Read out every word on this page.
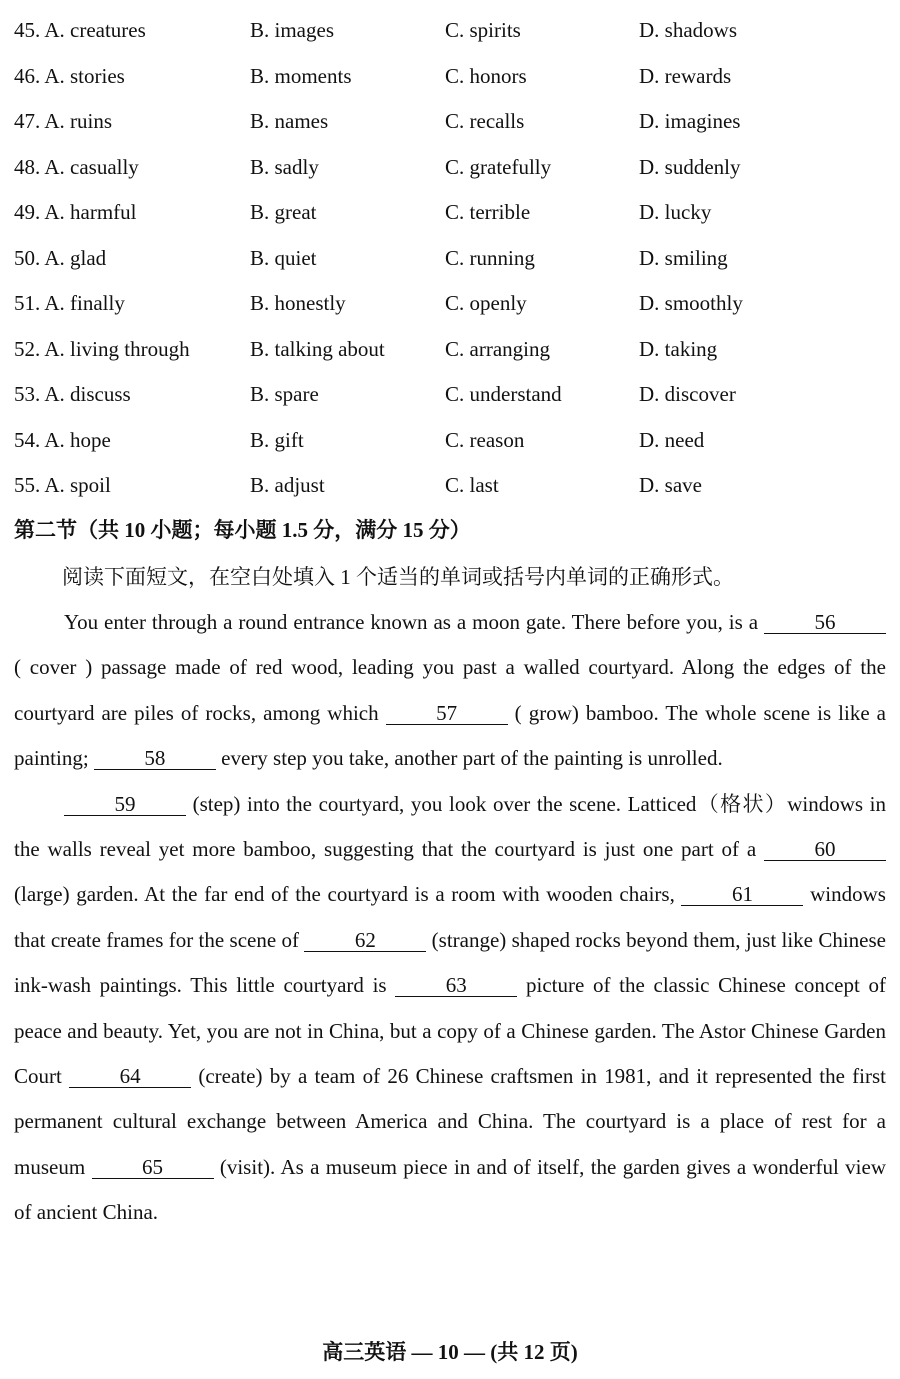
45. A. creatures	B. images	C. spirits	D. shadows
46. A. stories	B. moments	C. honors	D. rewards
47. A. ruins	B. names	C. recalls	D. imagines
48. A. casually	B. sadly	C. gratefully	D. suddenly
49. A. harmful	B. great	C. terrible	D. lucky
50. A. glad	B. quiet	C. running	D. smiling
51. A. finally	B. honestly	C. openly	D. smoothly
52. A. living through	B. talking about	C. arranging	D. taking
53. A. discuss	B. spare	C. understand	D. discover
54. A. hope	B. gift	C. reason	D. need
55. A. spoil	B. adjust	C. last	D. save
第二节（共 10 小题；每小题 1.5 分，满分 15 分）
阅读下面短文，在空白处填入 1 个适当的单词或括号内单词的正确形式。

You enter through a round entrance known as a moon gate. There before you, is a 56 ( cover ) passage made of red wood, leading you past a walled courtyard. Along the edges of the courtyard are piles of rocks, among which 57 ( grow) bamboo. The whole scene is like a painting; 58 every step you take, another part of the painting is unrolled.

59 (step) into the courtyard, you look over the scene. Latticed（格状）windows in the walls reveal yet more bamboo, suggesting that the courtyard is just one part of a 60 (large) garden. At the far end of the courtyard is a room with wooden chairs, 61 windows that create frames for the scene of 62 (strange) shaped rocks beyond them, just like Chinese ink-wash paintings. This little courtyard is 63 picture of the classic Chinese concept of peace and beauty. Yet, you are not in China, but a copy of a Chinese garden. The Astor Chinese Garden Court 64 (create) by a team of 26 Chinese craftsmen in 1981, and it represented the first permanent cultural exchange between America and China. The courtyard is a place of rest for a museum 65 (visit). As a museum piece in and of itself, the garden gives a wonderful view of ancient China.

高三英语 — 10 — (共 12 页)
